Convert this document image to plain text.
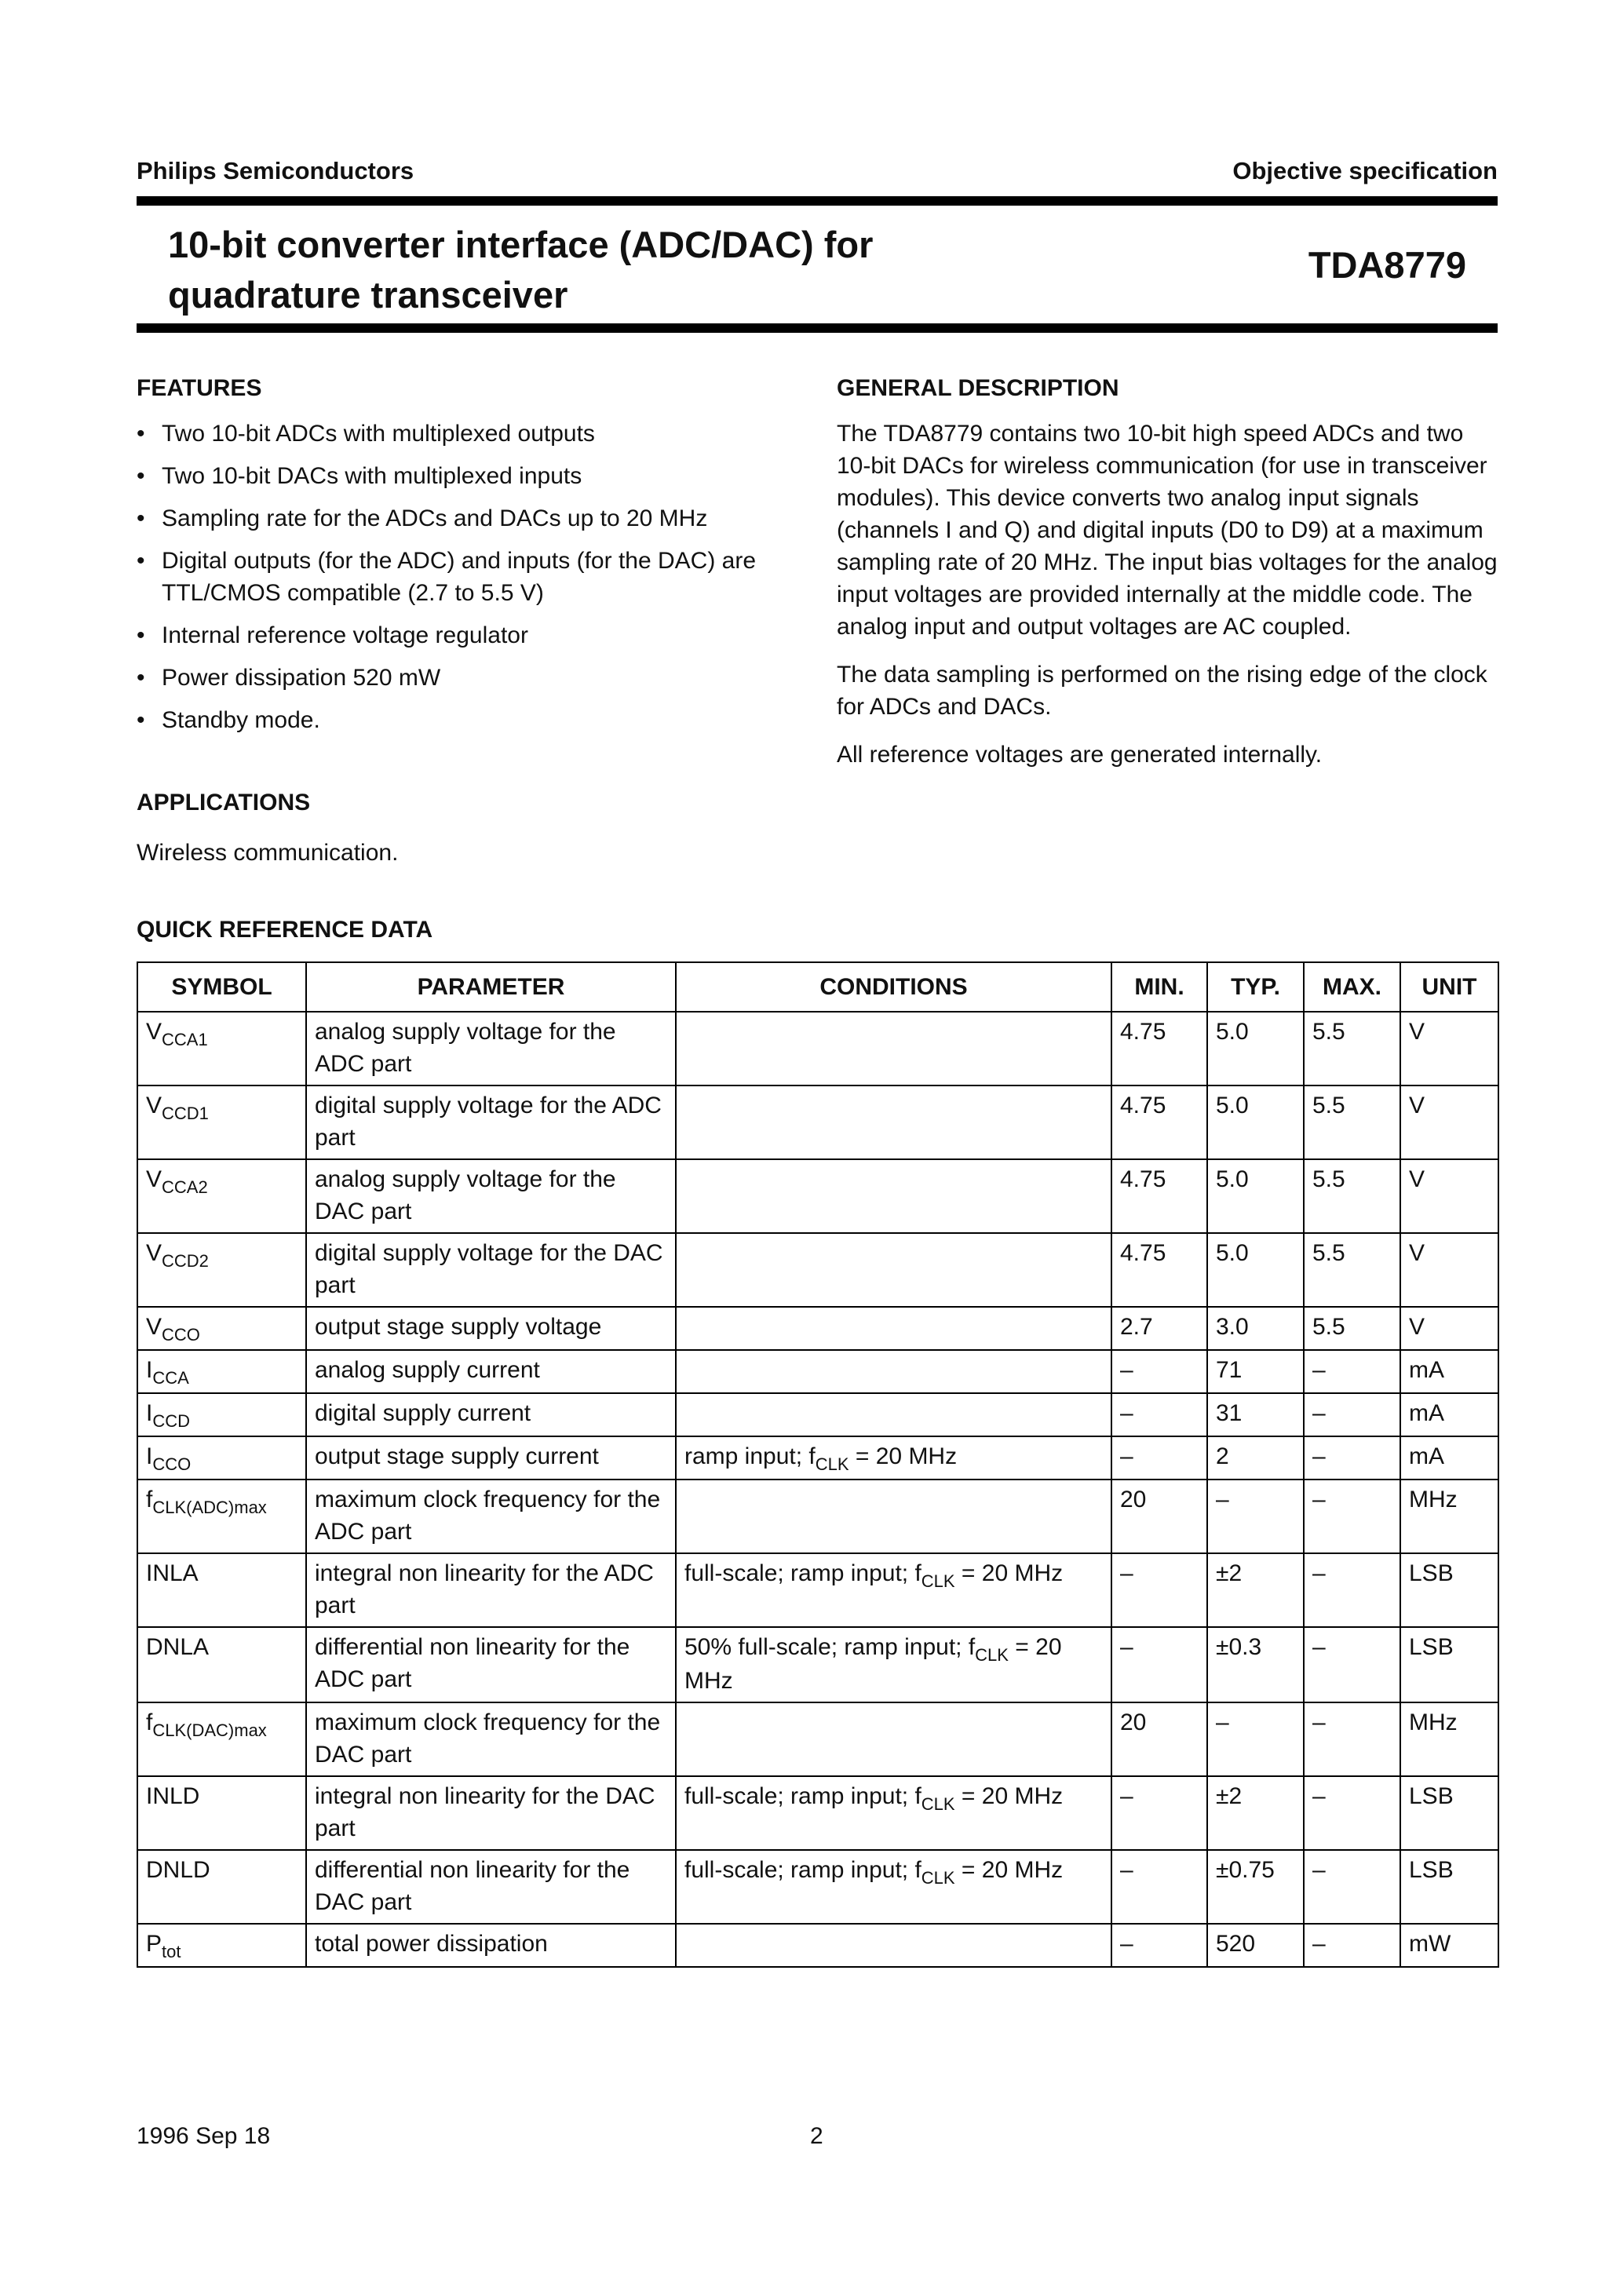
Philips Semiconductors	Objective specification
10-bit converter interface (ADC/DAC) for
quadrature transceiver
TDA8779
FEATURES
• Two 10-bit ADCs with multiplexed outputs
• Two 10-bit DACs with multiplexed inputs
• Sampling rate for the ADCs and DACs up to 20 MHz
• Digital outputs (for the ADC) and inputs (for the DAC) are TTL/CMOS compatible (2.7 to 5.5 V)
• Internal reference voltage regulator
• Power dissipation 520 mW
• Standby mode.
APPLICATIONS
Wireless communication.
GENERAL DESCRIPTION

The TDA8779 contains two 10-bit high speed ADCs and two 10-bit DACs for wireless communication (for use in transceiver modules). This device converts two analog input signals (channels I and Q) and digital inputs (D0 to D9) at a maximum sampling rate of 20 MHz. The input bias voltages for the analog input voltages are provided internally at the middle code. The analog input and output voltages are AC coupled.

The data sampling is performed on the rising edge of the clock for ADCs and DACs.

All reference voltages are generated internally.

QUICK REFERENCE DATA
SYMBOL	PARAMETER	CONDITIONS	MIN.	TYP.	MAX.	UNIT
$V_{CCA1}$	analog supply voltage for the ADC part		4.75	5.0	5.5	V
$V_{CCD1}$	digital supply voltage for the ADC part		4.75	5.0	5.5	V
$V_{CCA2}$	analog supply voltage for the DAC part		4.75	5.0	5.5	V
$V_{CCD2}$	digital supply voltage for the DAC part		4.75	5.0	5.5	V
$V_{CCO}$	output stage supply voltage		2.7	3.0	5.5	V
$I_{CCA}$	analog supply current		–	71	–	mA
$I_{CCD}$	digital supply current		–	31	–	mA
$I_{CCO}$	output stage supply current	ramp input; $f_{CLK} = 20$ MHz	–	2	–	mA
$f_{CLK(ADC)max}$	maximum clock frequency for the ADC part		20	–	–	MHz
INLA	integral non linearity for the ADC part	full-scale; ramp input; $f_{CLK} = 20$ MHz	–	±2	–	LSB
DNLA	differential non linearity for the ADC part	50% full-scale; ramp input; $f_{CLK} = 20$ MHz	–	±0.3	–	LSB
$f_{CLK(DAC)max}$	maximum clock frequency for the DAC part		20	–	–	MHz
INLD	integral non linearity for the DAC part	full-scale; ramp input; $f_{CLK} = 20$ MHz	–	±2	–	LSB
DNLD	differential non linearity for the DAC part	full-scale; ramp input; $f_{CLK} = 20$ MHz	–	±0.75	–	LSB
$P_{tot}$	total power dissipation		–	520	–	mW
1996 Sep 18	2
